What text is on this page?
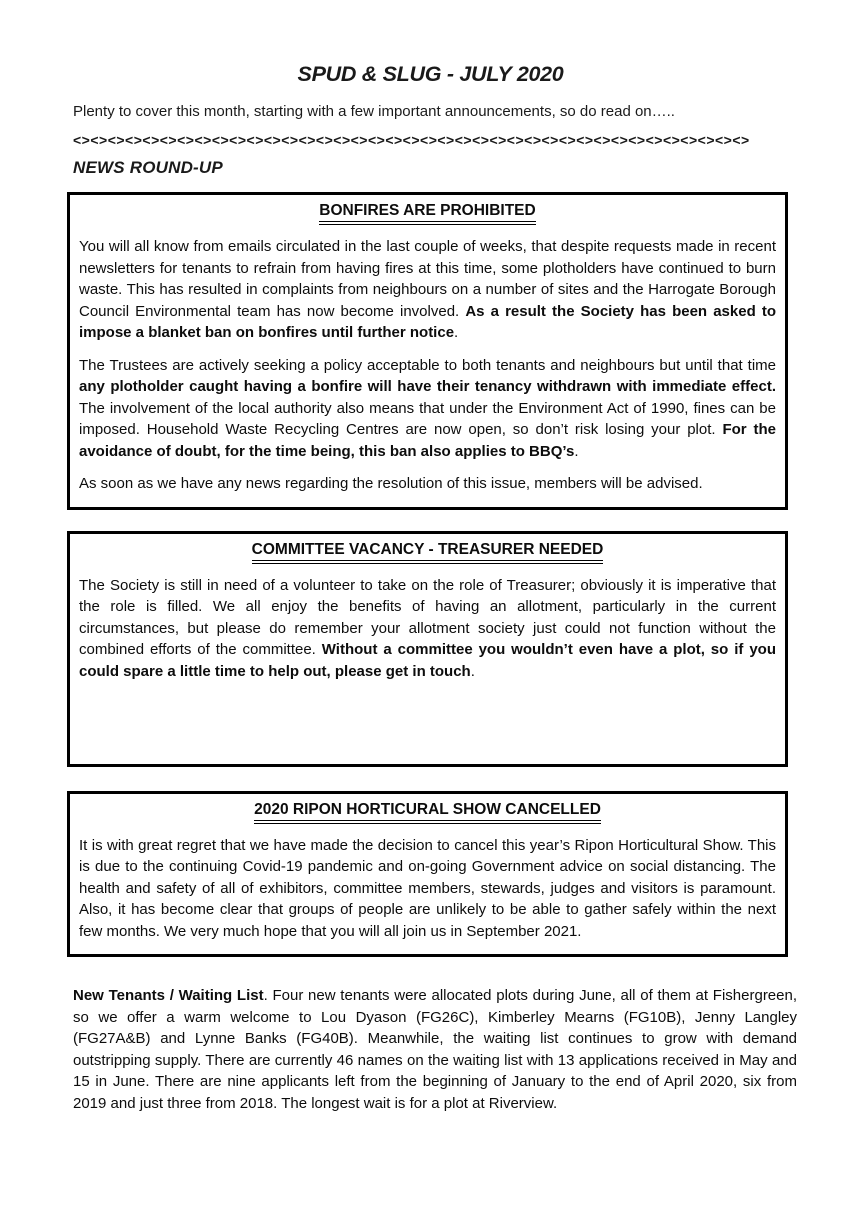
SPUD & SLUG - JULY 2020

Plenty to cover this month, starting with a few important announcements, so do read on…..

<><><><><><><><><><><><><><><><><><><><><><><><><><><><><><><><><><><><><><><>
NEWS ROUND-UP
BONFIRES ARE PROHIBITED

You will all know from emails circulated in the last couple of weeks, that despite requests made in recent newsletters for tenants to refrain from having fires at this time, some plotholders have continued to burn waste. This has resulted in complaints from neighbours on a number of sites and the Harrogate Borough Council Environmental team has now become involved. As a result the Society has been asked to impose a blanket ban on bonfires until further notice.

The Trustees are actively seeking a policy acceptable to both tenants and neighbours but until that time any plotholder caught having a bonfire will have their tenancy withdrawn with immediate effect. The involvement of the local authority also means that under the Environment Act of 1990, fines can be imposed. Household Waste Recycling Centres are now open, so don’t risk losing your plot. For the avoidance of doubt, for the time being, this ban also applies to BBQ’s.

As soon as we have any news regarding the resolution of this issue, members will be advised.

COMMITTEE VACANCY - TREASURER NEEDED

The Society is still in need of a volunteer to take on the role of Treasurer; obviously it is imperative that the role is filled. We all enjoy the benefits of having an allotment, particularly in the current circumstances, but please do remember your allotment society just could not function without the combined efforts of the committee. Without a committee you wouldn’t even have a plot, so if you could spare a little time to help out, please get in touch.

2020 RIPON HORTICURAL SHOW CANCELLED

It is with great regret that we have made the decision to cancel this year’s Ripon Horticultural Show. This is due to the continuing Covid-19 pandemic and on-going Government advice on social distancing. The health and safety of all of exhibitors, committee members, stewards, judges and visitors is paramount. Also, it has become clear that groups of people are unlikely to be able to gather safely within the next few months. We very much hope that you will all join us in September 2021.

New Tenants / Waiting List. Four new tenants were allocated plots during June, all of them at Fishergreen, so we offer a warm welcome to Lou Dyason (FG26C), Kimberley Mearns (FG10B), Jenny Langley (FG27A&B) and Lynne Banks (FG40B). Meanwhile, the waiting list continues to grow with demand outstripping supply. There are currently 46 names on the waiting list with 13 applications received in May and 15 in June. There are nine applicants left from the beginning of January to the end of April 2020, six from 2019 and just three from 2018. The longest wait is for a plot at Riverview.
